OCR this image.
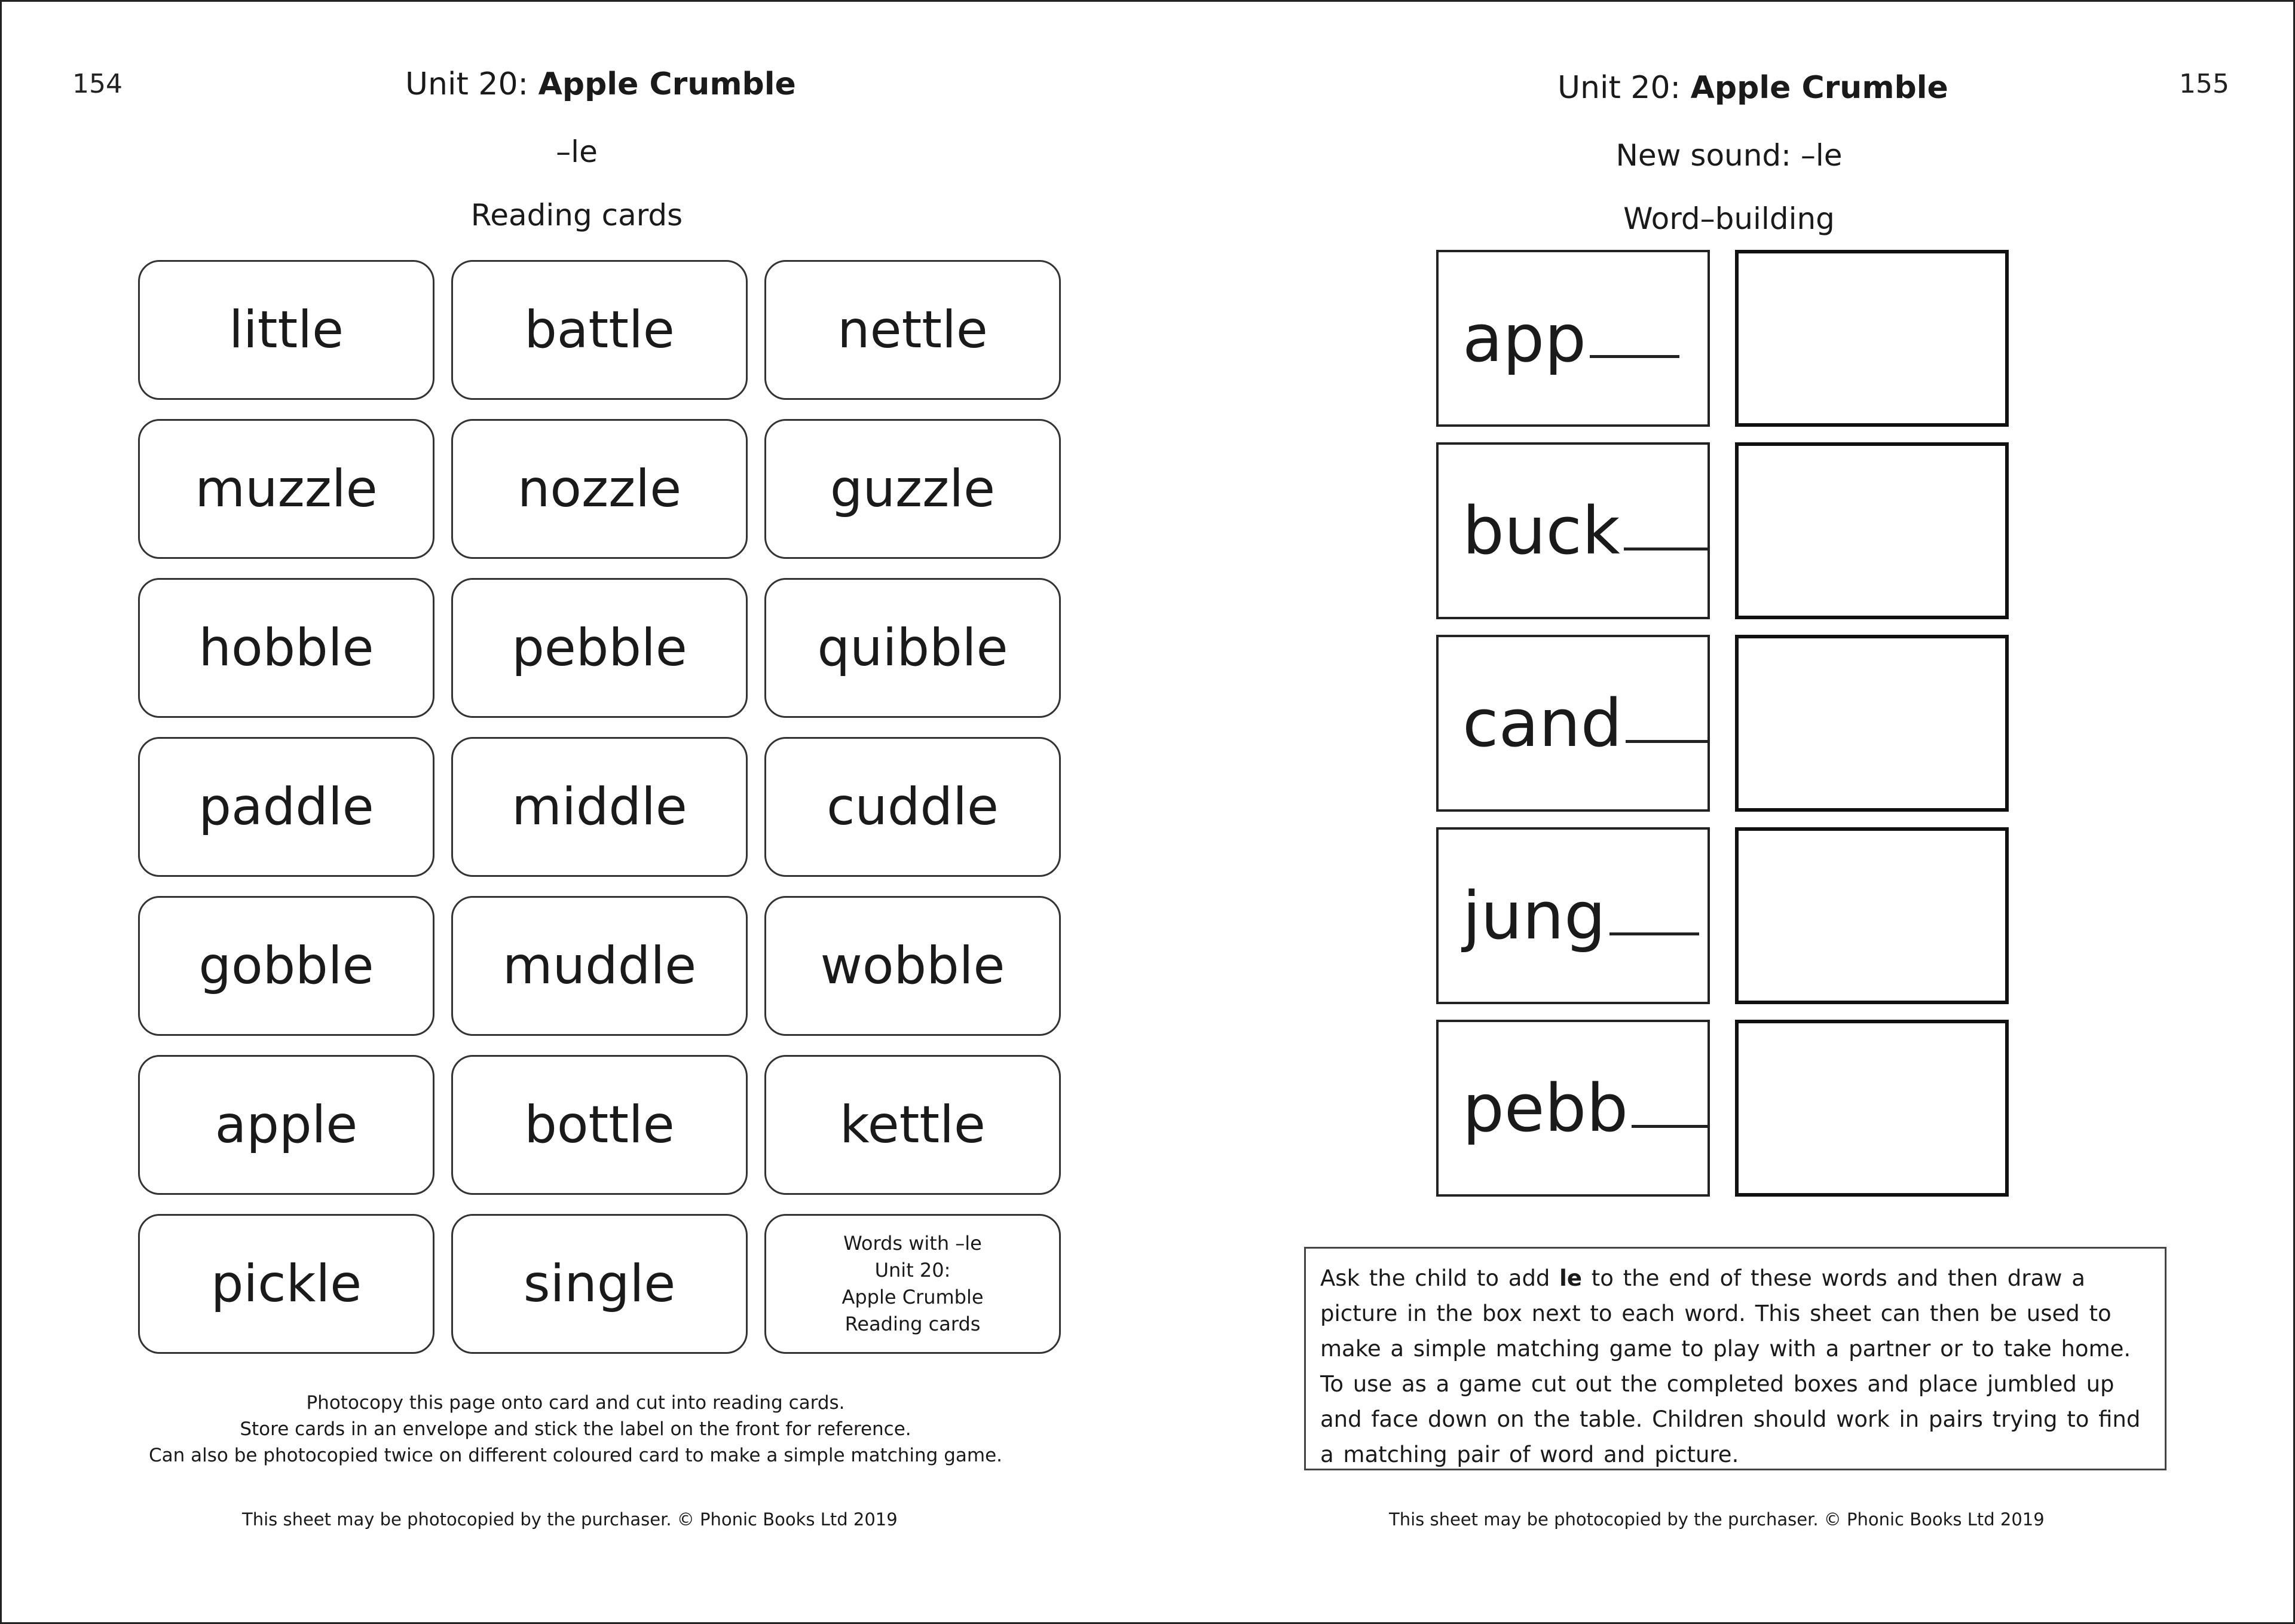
154	Unit 20: Apple Crumble
–le
Reading cards
little	battle	nettle
muzzle	nozzle	guzzle
hobble	pebble	quibble
paddle	middle	cuddle
gobble	muddle	wobble
apple	bottle	kettle
pickle	single
Words with –le
Unit 20:
Apple Crumble
Reading cards
Photocopy this page onto card and cut into reading cards.
Store cards in an envelope and stick the label on the front for reference.
Can also be photocopied twice on different coloured card to make a simple matching game.
This sheet may be photocopied by the purchaser. © Phonic Books Ltd 2019
155
Unit 20: Apple Crumble
New sound: –le
Word–building
app
buck
cand
jung
pebb
Ask the child to add le to the end of these words and then draw a picture in the box next to each word. This sheet can then be used to make a simple matching game to play with a partner or to take home. To use as a game cut out the completed boxes and place jumbled up and face down on the table. Children should work in pairs trying to find a matching pair of word and picture.
This sheet may be photocopied by the purchaser. © Phonic Books Ltd 2019
